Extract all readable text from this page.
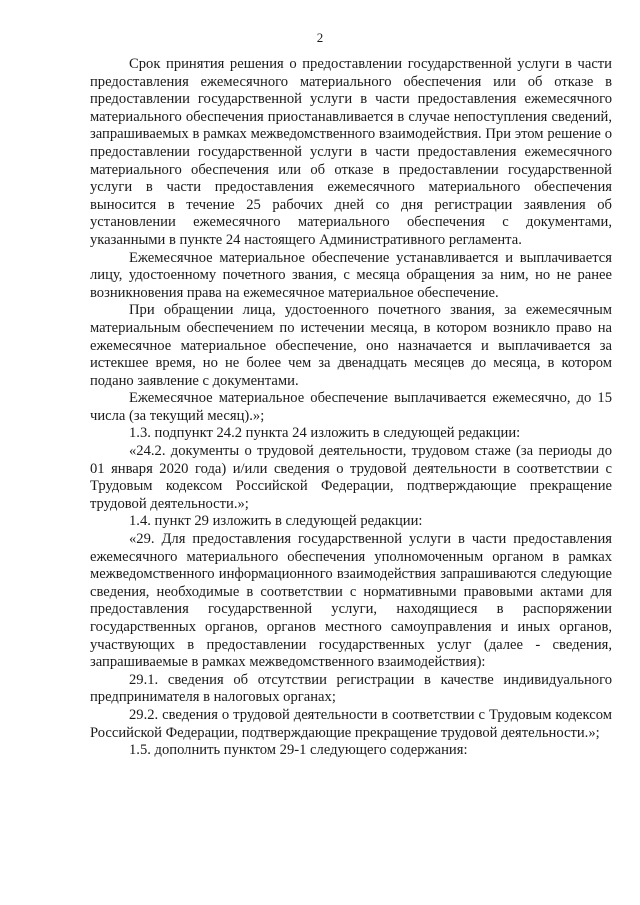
2

Срок принятия решения о предоставлении государственной услуги в части предоставления ежемесячного материального обеспечения или об отказе в предоставлении государственной услуги в части предоставления ежемесячного материального обеспечения приостанавливается в случае непоступления сведений, запрашиваемых в рамках межведомственного взаимодействия. При этом решение о предоставлении государственной услуги в части предоставления ежемесячного материального обеспечения или об отказе в предоставлении государственной услуги в части предоставления ежемесячного материального обеспечения выносится в течение 25 рабочих дней со дня регистрации заявления об установлении ежемесячного материального обеспечения с документами, указанными в пункте 24 настоящего Административного регламента.

Ежемесячное материальное обеспечение устанавливается и выплачивается лицу, удостоенному почетного звания, с месяца обращения за ним, но не ранее возникновения права на ежемесячное материальное обеспечение.

При обращении лица, удостоенного почетного звания, за ежемесячным материальным обеспечением по истечении месяца, в котором возникло право на ежемесячное материальное обеспечение, оно назначается и выплачивается за истекшее время, но не более чем за двенадцать месяцев до месяца, в котором подано заявление с документами.

Ежемесячное материальное обеспечение выплачивается ежемесячно, до 15 числа (за текущий месяц).»;

1.3. подпункт 24.2 пункта 24 изложить в следующей редакции:

«24.2. документы о трудовой деятельности, трудовом стаже (за периоды до 01 января 2020 года) и/или сведения о трудовой деятельности в соответствии с Трудовым кодексом Российской Федерации, подтверждающие прекращение трудовой деятельности.»;

1.4. пункт 29 изложить в следующей редакции:

«29. Для предоставления государственной услуги в части предоставления ежемесячного материального обеспечения уполномоченным органом в рамках межведомственного информационного взаимодействия запрашиваются следующие сведения, необходимые в соответствии с нормативными правовыми актами для предоставления государственной услуги, находящиеся в распоряжении государственных органов, органов местного самоуправления и иных органов, участвующих в предоставлении государственных услуг (далее - сведения, запрашиваемые в рамках межведомственного взаимодействия):

29.1. сведения об отсутствии регистрации в качестве индивидуального предпринимателя в налоговых органах;

29.2. сведения о трудовой деятельности в соответствии с Трудовым кодексом Российской Федерации, подтверждающие прекращение трудовой деятельности.»;

1.5. дополнить пунктом 29-1 следующего содержания:
